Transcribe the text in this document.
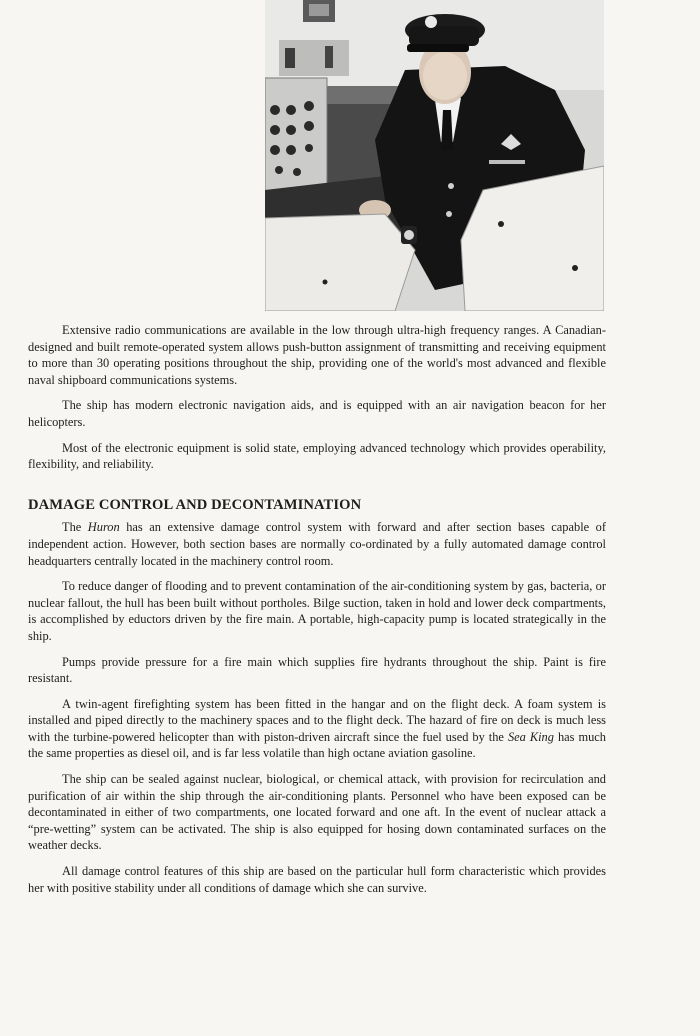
Extensive radio communications are available in the low through ultra-high frequency ranges. A Canadian-designed and built remote-operated system allows push-button assignment of transmitting and receiving equipment to more than 30 operating positions throughout the ship, providing one of the world's most advanced and flexible naval shipboard communications systems.

The ship has modern electronic navigation aids, and is equipped with an air navigation beacon for her helicopters.

Most of the electronic equipment is solid state, employing advanced technology which provides operability, flexibility, and reliability.

DAMAGE CONTROL AND DECONTAMINATION

The Huron has an extensive damage control system with forward and after section bases capable of independent action. However, both section bases are normally co-ordinated by a fully automated damage control headquarters centrally located in the machinery control room.

To reduce danger of flooding and to prevent contamination of the air-conditioning system by gas, bacteria, or nuclear fallout, the hull has been built without portholes. Bilge suction, taken in hold and lower deck compartments, is accomplished by eductors driven by the fire main. A portable, high-capacity pump is located strategically in the ship.

Pumps provide pressure for a fire main which supplies fire hydrants throughout the ship. Paint is fire resistant.

A twin-agent firefighting system has been fitted in the hangar and on the flight deck. A foam system is installed and piped directly to the machinery spaces and to the flight deck. The hazard of fire on deck is much less with the turbine-powered helicopter than with piston-driven aircraft since the fuel used by the Sea King has much the same properties as diesel oil, and is far less volatile than high octane aviation gasoline.

The ship can be sealed against nuclear, biological, or chemical attack, with provision for recirculation and purification of air within the ship through the air-conditioning plants. Personnel who have been exposed can be decontaminated in either of two compartments, one located forward and one aft. In the event of nuclear attack a “pre-wetting” system can be activated. The ship is also equipped for hosing down contaminated surfaces on the weather decks.

All damage control features of this ship are based on the particular hull form characteristic which provides her with positive stability under all conditions of damage which she can survive.
